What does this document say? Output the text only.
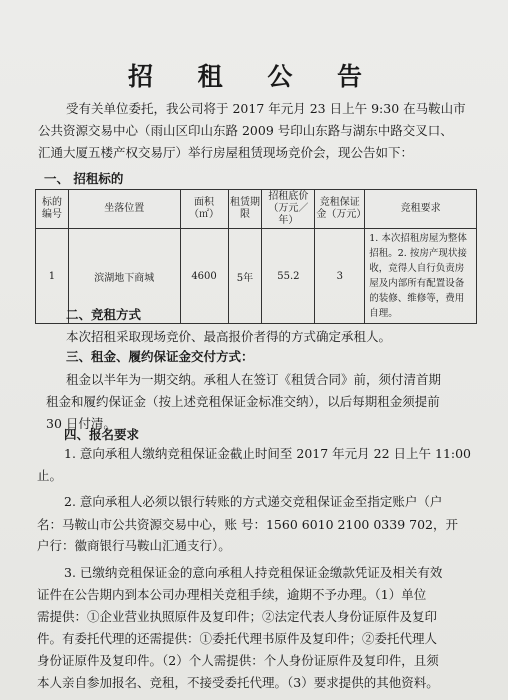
招 租 公 告
受有关单位委托，我公司将于 2017 年元月 23 日上午 9:30 在马鞍山市
公共资源交易中心（雨山区印山东路 2009 号印山东路与湖东中路交叉口、
汇通大厦五楼产权交易厅）举行房屋租赁现场竞价会，现公告如下：
一、 招租标的
标的编号	坐落位置	面积（㎡）	租赁期限	招租底价（万元／年）	竞租保证金（万元）	竞租要求
1	滨湖地下商城	4600	5年	55.2	3	1. 本次招租房屋为整体招租。2. 按房产现状接收，竞得人自行负责房屋及内部所有配置设备的装修、维修等，费用自理。
二、竞租方式
本次招租采取现场竞价、最高报价者得的方式确定承租人。
三、租金、履约保证金交付方式：
租金以半年为一期交纳。承租人在签订《租赁合同》前，须付清首期
租金和履约保证金（按上述竞租保证金标准交纳），以后每期租金须提前
30 日付清。
四、报名要求
1. 意向承租人缴纳竞租保证金截止时间至 2017 年元月 22 日上午 11:00
止。
2. 意向承租人必须以银行转账的方式递交竞租保证金至指定账户（户
名：马鞍山市公共资源交易中心，账 号：1560 6010 2100 0339 702，开
户行：徽商银行马鞍山汇通支行）。
3. 已缴纳竞租保证金的意向承租人持竞租保证金缴款凭证及相关有效
证件在公告期内到本公司办理相关竞租手续，逾期不予办理。（1）单位
需提供：①企业营业执照原件及复印件；②法定代表人身份证原件及复印
件。有委托代理的还需提供：①委托代理书原件及复印件；②委托代理人
身份证原件及复印件。（2）个人需提供：个人身份证原件及复印件，且须
本人亲自参加报名、竞租，不接受委托代理。（3）要求提供的其他资料。
